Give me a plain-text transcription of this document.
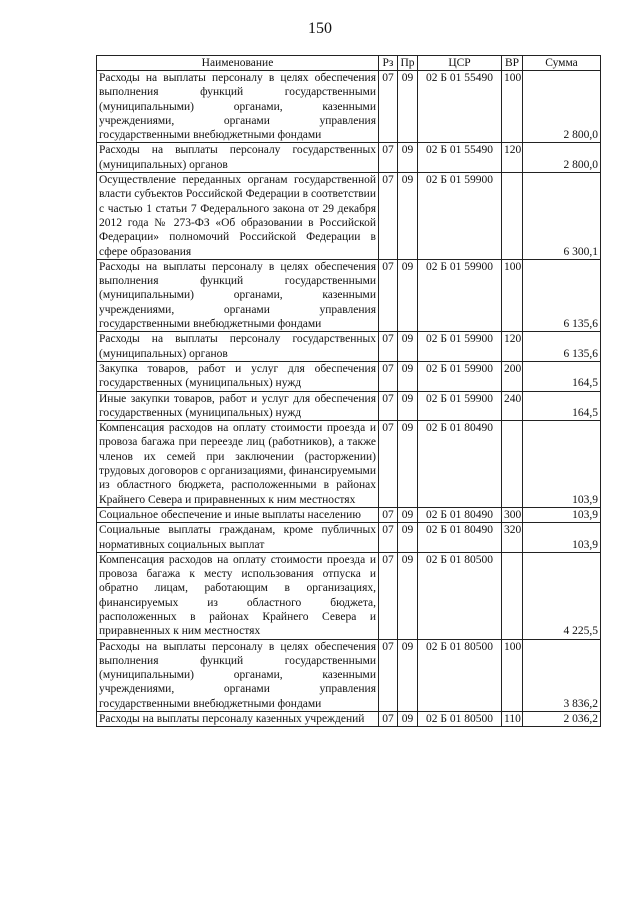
150
Наименование	Рз	Пр	ЦСР	ВР	Сумма
Расходы на выплаты персоналу в целях обеспечения выполнения функций государственными (муниципальными) органами, казенными учреждениями, органами управления государственными внебюджетными фондами	07	09	02 Б 01 55490	100	2 800,0
Расходы на выплаты персоналу государственных (муниципальных) органов	07	09	02 Б 01 55490	120	2 800,0
Осуществление переданных органам государственной власти субъектов Российской Федерации в соответствии с частью 1 статьи 7 Федерального закона от 29 декабря 2012 года № 273-ФЗ «Об образовании в Российской Федерации» полномочий Российской Федерации в сфере образования	07	09	02 Б 01 59900		6 300,1
Расходы на выплаты персоналу в целях обеспечения выполнения функций государственными (муниципальными) органами, казенными учреждениями, органами управления государственными внебюджетными фондами	07	09	02 Б 01 59900	100	6 135,6
Расходы на выплаты персоналу государственных (муниципальных) органов	07	09	02 Б 01 59900	120	6 135,6
Закупка товаров, работ и услуг для обеспечения государственных (муниципальных) нужд	07	09	02 Б 01 59900	200	164,5
Иные закупки товаров, работ и услуг для обеспечения государственных (муниципальных) нужд	07	09	02 Б 01 59900	240	164,5
Компенсация расходов на оплату стоимости проезда и провоза багажа при переезде лиц (работников), а также членов их семей при заключении (расторжении) трудовых договоров с организациями, финансируемыми из областного бюджета, расположенными в районах Крайнего Севера и приравненных к ним местностях	07	09	02 Б 01 80490		103,9
Социальное обеспечение и иные выплаты населению	07	09	02 Б 01 80490	300	103,9
Социальные выплаты гражданам, кроме публичных нормативных социальных выплат	07	09	02 Б 01 80490	320	103,9
Компенсация расходов на оплату стоимости проезда и провоза багажа к месту использования отпуска и обратно лицам, работающим в организациях, финансируемых из областного бюджета, расположенных в районах Крайнего Севера и приравненных к ним местностях	07	09	02 Б 01 80500		4 225,5
Расходы на выплаты персоналу в целях обеспечения выполнения функций государственными (муниципальными) органами, казенными учреждениями, органами управления государственными внебюджетными фондами	07	09	02 Б 01 80500	100	3 836,2
Расходы на выплаты персоналу казенных учреждений	07	09	02 Б 01 80500	110	2 036,2
